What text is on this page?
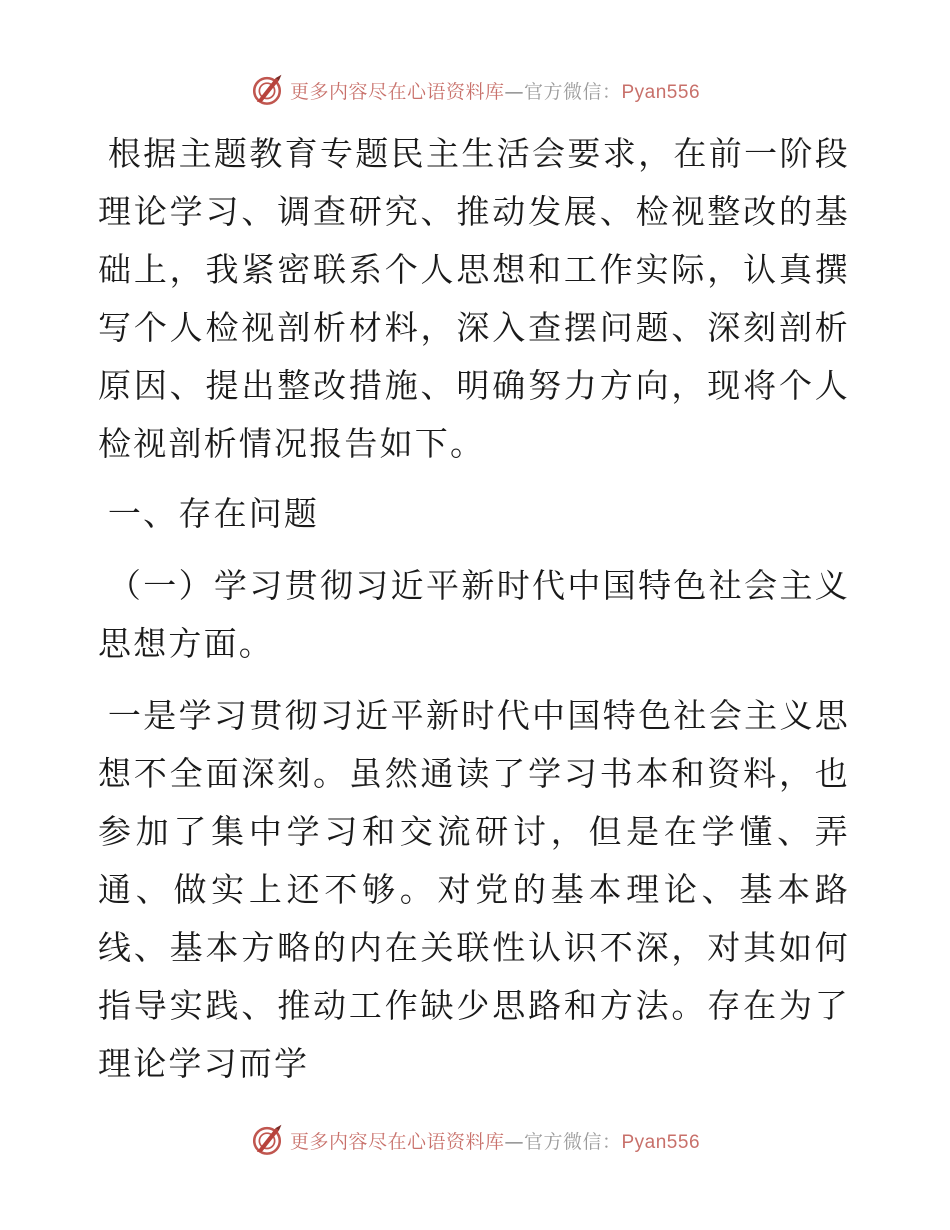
更多内容尽在心语资料库—官方微信：Pyan556

根据主题教育专题民主生活会要求，在前一阶段理论学习、调查研究、推动发展、检视整改的基础上，我紧密联系个人思想和工作实际，认真撰写个人检视剖析材料，深入查摆问题、深刻剖析原因、提出整改措施、明确努力方向，现将个人检视剖析情况报告如下。

一、存在问题

（一）学习贯彻习近平新时代中国特色社会主义思想方面。

一是学习贯彻习近平新时代中国特色社会主义思想不全面深刻。虽然通读了学习书本和资料，也参加了集中学习和交流研讨，但是在学懂、弄通、做实上还不够。对党的基本理论、基本路线、基本方略的内在关联性认识不深，对其如何指导实践、推动工作缺少思路和方法。存在为了理论学习而学

更多内容尽在心语资料库—官方微信：Pyan556
